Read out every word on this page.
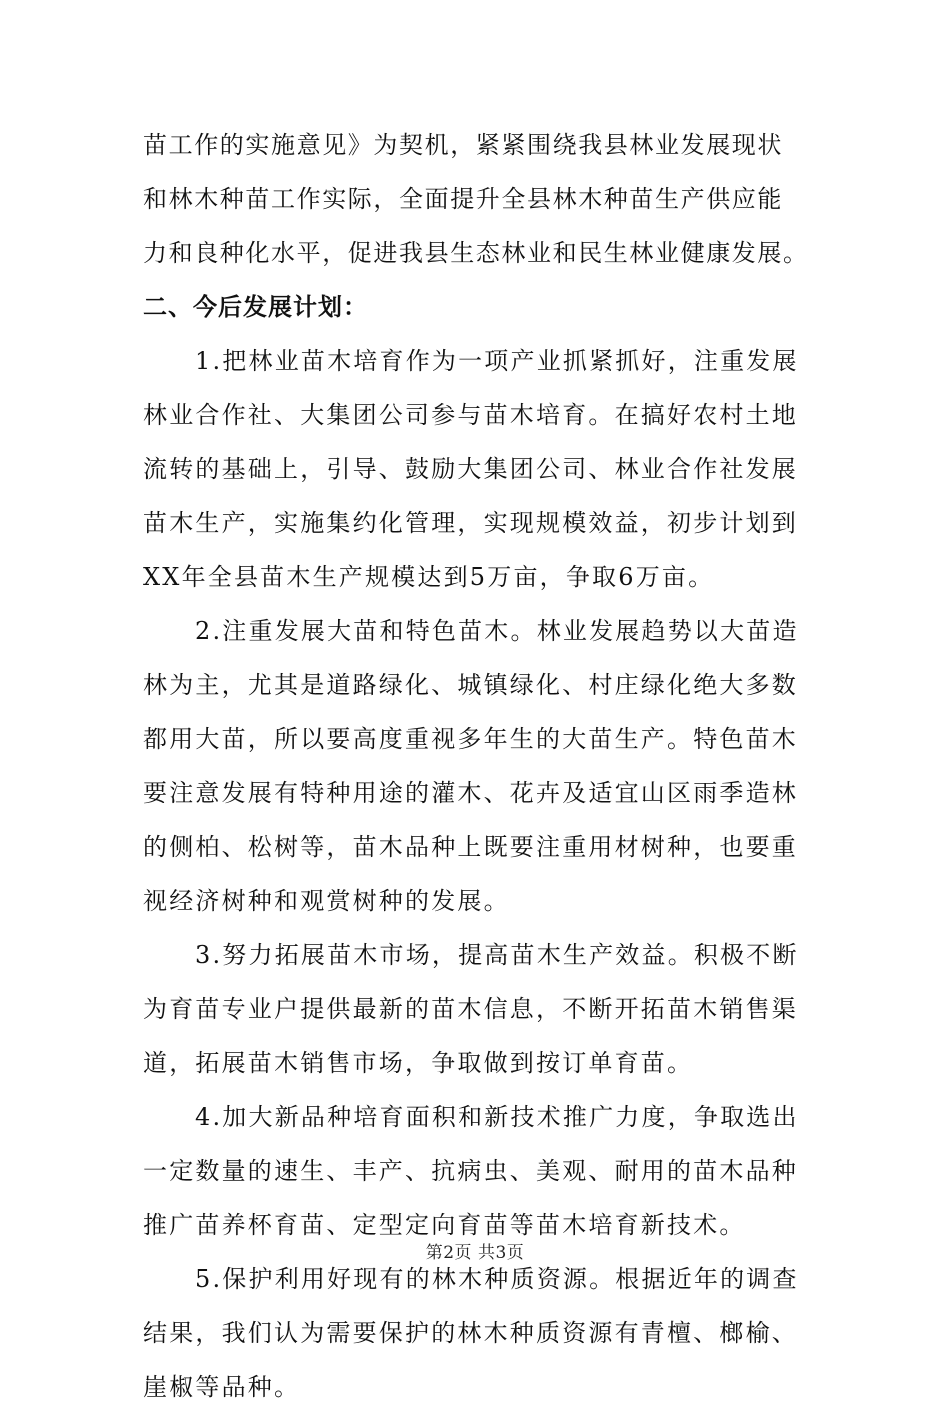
苗工作的实施意见》为契机，紧紧围绕我县林业发展现状
和林木种苗工作实际，全面提升全县林木种苗生产供应能
力和良种化水平，促进我县生态林业和民生林业健康发展。
二、今后发展计划：
1.把林业苗木培育作为一项产业抓紧抓好，注重发展
林业合作社、大集团公司参与苗木培育。在搞好农村土地
流转的基础上，引导、鼓励大集团公司、林业合作社发展
苗木生产，实施集约化管理，实现规模效益，初步计划到
XX年全县苗木生产规模达到5万亩，争取6万亩。
2.注重发展大苗和特色苗木。林业发展趋势以大苗造
林为主，尤其是道路绿化、城镇绿化、村庄绿化绝大多数
都用大苗，所以要高度重视多年生的大苗生产。特色苗木
要注意发展有特种用途的灌木、花卉及适宜山区雨季造林
的侧柏、松树等，苗木品种上既要注重用材树种，也要重
视经济树种和观赏树种的发展。
3.努力拓展苗木市场，提高苗木生产效益。积极不断
为育苗专业户提供最新的苗木信息，不断开拓苗木销售渠
道，拓展苗木销售市场，争取做到按订单育苗。
4.加大新品种培育面积和新技术推广力度，争取选出
一定数量的速生、丰产、抗病虫、美观、耐用的苗木品种
推广苗养杯育苗、定型定向育苗等苗木培育新技术。
5.保护利用好现有的林木种质资源。根据近年的调查
结果，我们认为需要保护的林木种质资源有青檀、榔榆、
崖椒等品种。
第2页 共3页
